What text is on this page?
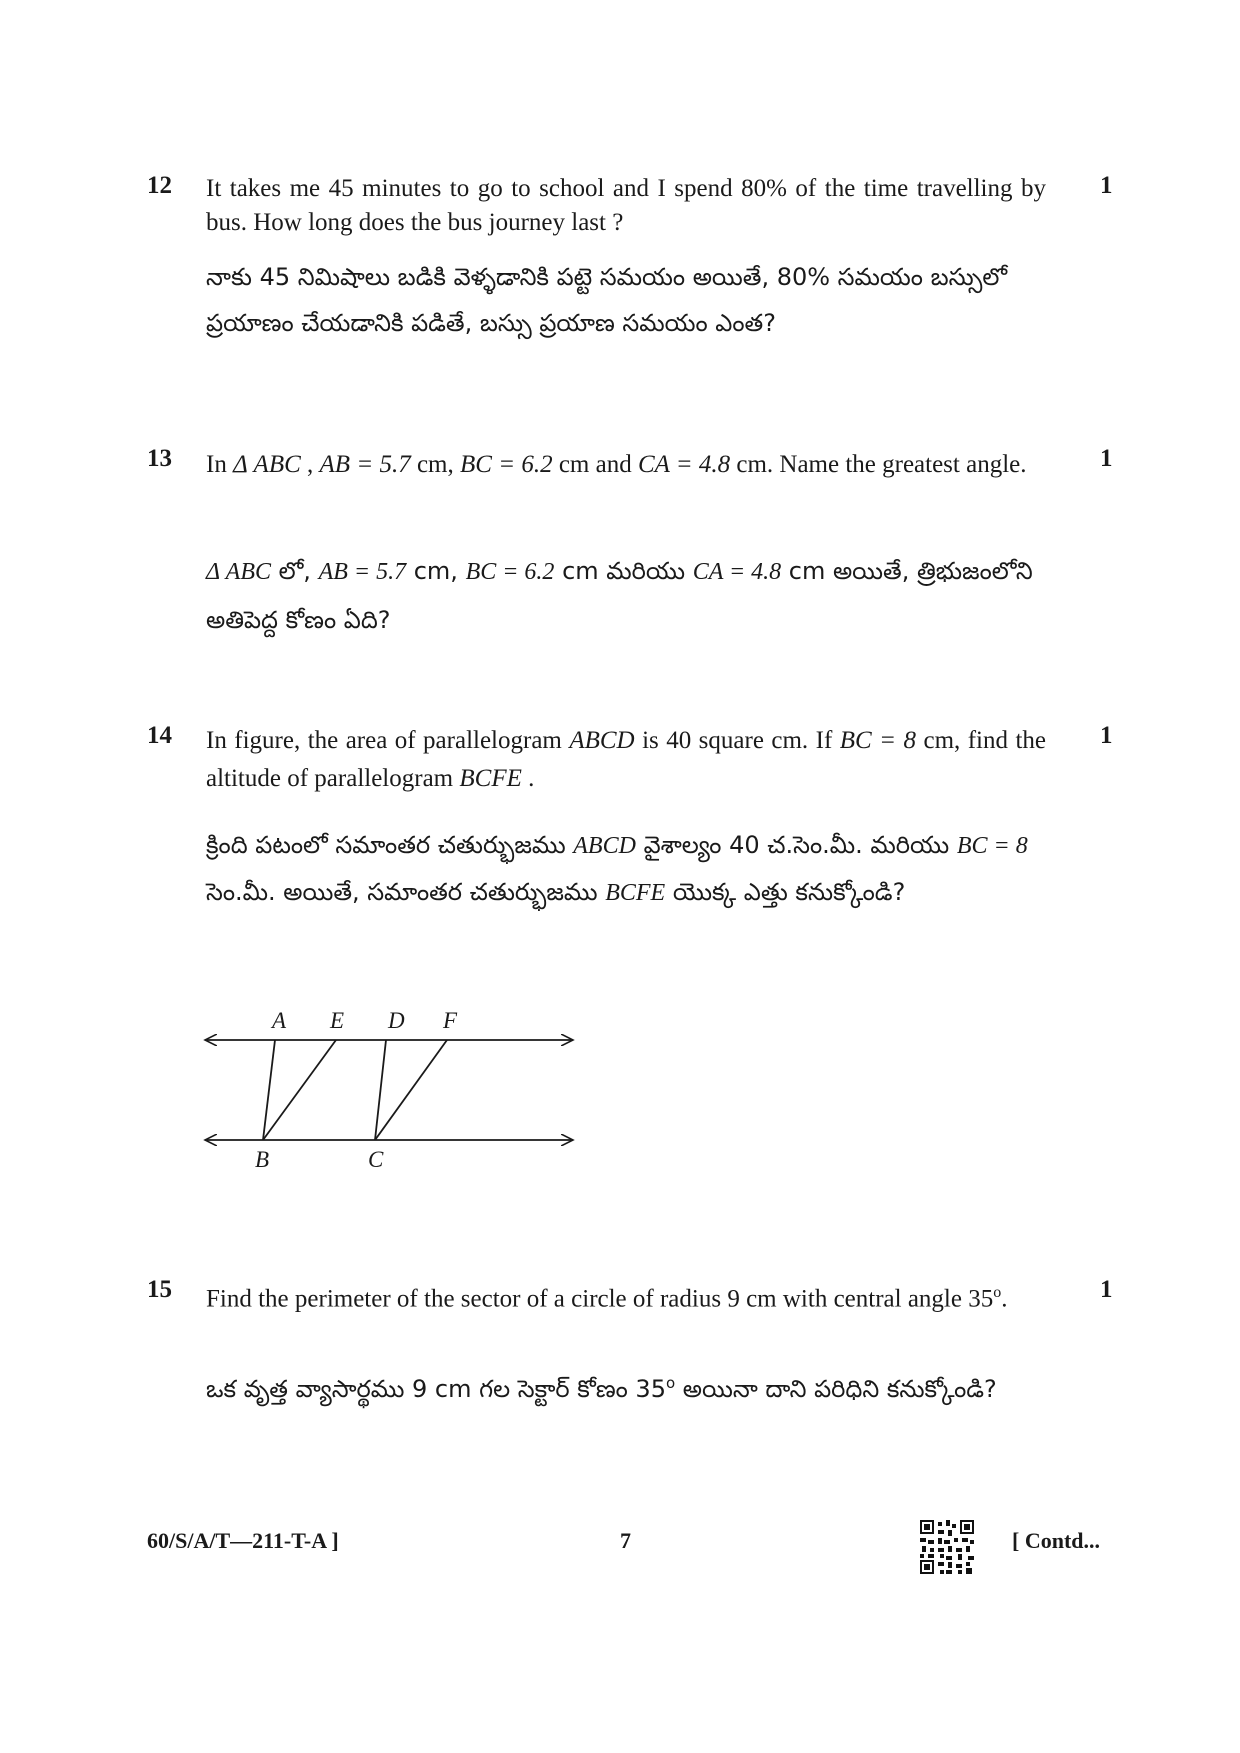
12	1
It takes me 45 minutes to go to school and I spend 80% of the time travelling by bus. How long does the bus journey last ?
నాకు 45 నిమిషాలు బడికి వెళ్ళడానికి పట్టె సమయం అయితే, 80% సమయం బస్సులో ప్రయాణం చేయడానికి పడితే, బస్సు ప్రయాణ సమయం ఎంత?
13	1
In Δ ABC , AB = 5.7 cm, BC = 6.2 cm and CA = 4.8 cm. Name the greatest angle.
Δ ABC లో, AB = 5.7 cm, BC = 6.2 cm మరియు CA = 4.8 cm అయితే, త్రిభుజంలోని అతిపెద్ద కోణం ఏది?
14	1
In figure, the area of parallelogram ABCD is 40 square cm. If BC = 8 cm, find the altitude of parallelogram BCFE .
క్రింది పటంలో సమాంతర చతుర్భుజము ABCD వైశాల్యం 40 చ.సెం.మీ. మరియు BC = 8 సెం.మీ. అయితే, సమాంతర చతుర్భుజము BCFE యొక్క ఎత్తు కనుక్కోండి?
A E D F
B	C
15	1
Find the perimeter of the sector of a circle of radius 9 cm with central angle 35$^o$.
ఒక వృత్త వ్యాసార్థము 9 cm గల సెక్టార్ కోణం 35$^o$ అయినా దాని పరిధిని కనుక్కోండి?
60/S/A/T—211-T-A ]	7	[ Contd...
